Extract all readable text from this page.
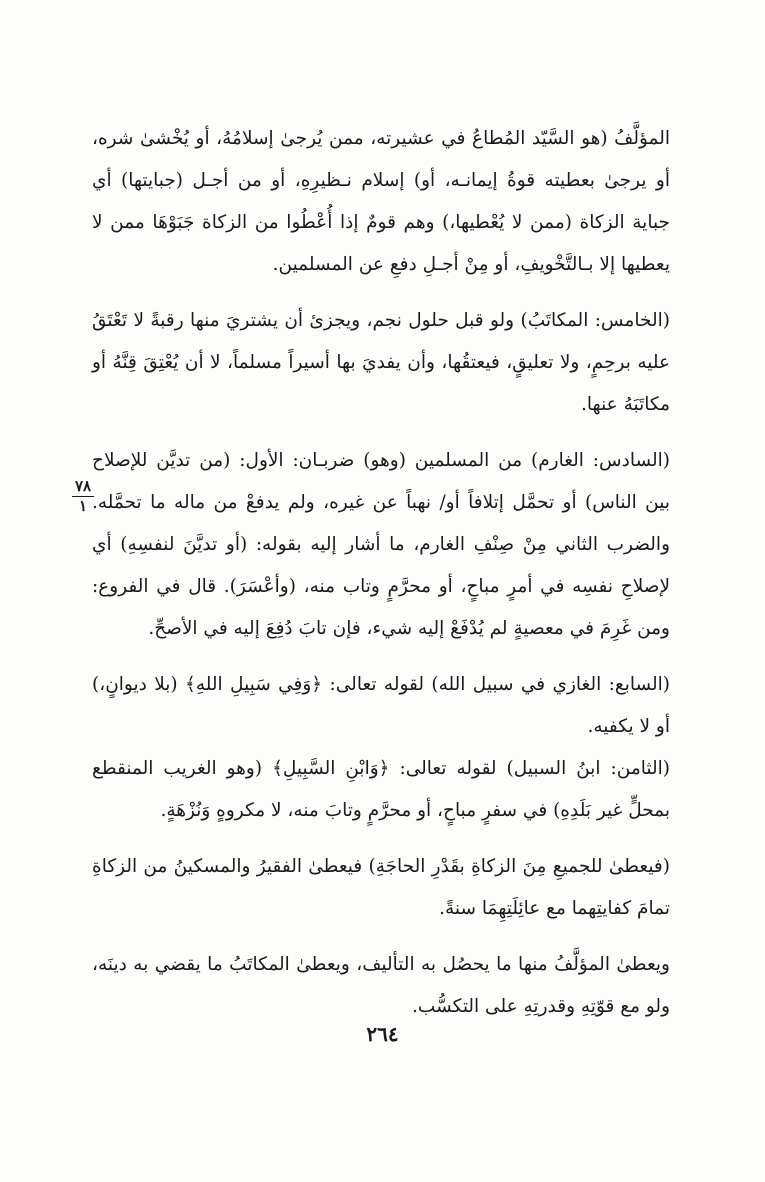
المؤلَّفُ (هو السَّيّد المُطاعُ في عشيرته، ممن يُرجىٰ إسلامُهُ، أو يُخْشىٰ شره، أو يرجىٰ بعطيته قوةُ إيمانـه، أو) إسلام نـظيرِهِ، أو من أجـل (جبايتها) أي جباية الزكاة (ممن لا يُعْطيها،) وهم قومٌ إذا أُعْطُوا من الزكاة جَبَوْهَا ممن لا يعطيها إلا بـالتَّخْويفِ، أو مِنْ أجـلِ دفعِ عن المسلمين.

(الخامس: المكاتَبُ) ولو قبل حلول نجم، ويجزئ أن يشتريَ منها رقبةً لا تَعْتَقُ عليه برحِمٍ، ولا تعليقٍ، فيعتقُها، وأن يفديَ بها أسيراً مسلماً، لا أن يُعْتِقَ قِنَّهُ أو مكاتَبَهُ عنها.

(السادس: الغارم) من المسلمين (وهو) ضربـان: الأول: (من تديَّن للإصلاح بين الناس) أو تحمَّل إتلافاً أو/ نهباً عن غيره، ولم يدفعْ من ماله ما تحمَّله. والضرب الثاني مِنْ صِنْفِ الغارم، ما أشار إليه بقوله: (أو تديَّنَ لنفسِهِ) أي لإصلاحِ نفسِه في أمرٍ مباحٍ، أو محرَّمٍ وتاب منه، (وأعْسَرَ). قال في الفروع: ومن غَرِمَ في معصيةٍ لم يُدْفَعْ إليه شيء، فإن تابَ دُفِعَ إليه في الأصحِّ.

(السابع: الغازي في سبيل الله) لقوله تعالى: ﴿وَفِي سَبِيلِ اللهِ﴾ (بلا ديوانٍ،) أو لا يكفيه.

(الثامن: ابنُ السبيل) لقوله تعالى: ﴿وَابْنِ السَّبِيلِ﴾ (وهو الغريب المنقطع بمحلٍّ غير بَلَدِهِ) في سفرٍ مباحٍ، أو محرَّمٍ وتابَ منه، لا مكروهٍ وَنُزْهَةٍ.

(فيعطىٰ للجميعِ مِنَ الزكاةِ بقَدْرِ الحاجَةِ) فيعطىٰ الفقيرُ والمسكينُ من الزكاةِ تمامَ كفايتِهما مع عائِلَتِهِمَا سنةً.

ويعطىٰ المؤلَّفُ منها ما يحصُل به التأليف، ويعطىٰ المكاتَبُ ما يقضي به دينَه، ولو مع قوّتِهِ وقدرتِهِ على التكسُّب.

٧٨
١
٢٦٤
